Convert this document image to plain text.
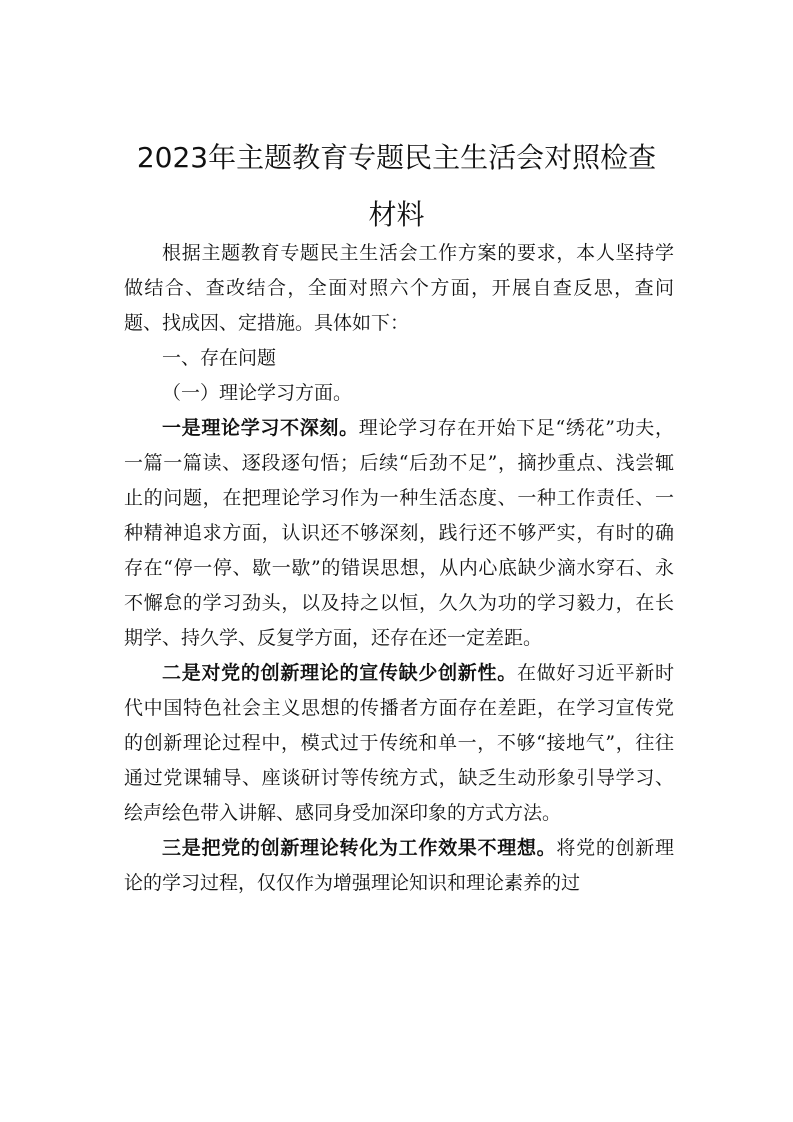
2023年主题教育专题民主生活会对照检查
材料

根据主题教育专题民主生活会工作方案的要求，本人坚持学做结合、查改结合，全面对照六个方面，开展自查反思，查问题、找成因、定措施。具体如下：

一、存在问题

（一）理论学习方面。

一是理论学习不深刻。理论学习存在开始下足“绣花”功夫，一篇一篇读、逐段逐句悟；后续“后劲不足”，摘抄重点、浅尝辄止的问题，在把理论学习作为一种生活态度、一种工作责任、一种精神追求方面，认识还不够深刻，践行还不够严实，有时的确存在“停一停、歇一歇”的错误思想，从内心底缺少滴水穿石、永不懈怠的学习劲头，以及持之以恒，久久为功的学习毅力，在长期学、持久学、反复学方面，还存在还一定差距。

二是对党的创新理论的宣传缺少创新性。在做好习近平新时代中国特色社会主义思想的传播者方面存在差距，在学习宣传党的创新理论过程中，模式过于传统和单一，不够“接地气”，往往通过党课辅导、座谈研讨等传统方式，缺乏生动形象引导学习、绘声绘色带入讲解、感同身受加深印象的方式方法。

三是把党的创新理论转化为工作效果不理想。将党的创新理论的学习过程，仅仅作为增强理论知识和理论素养的过
